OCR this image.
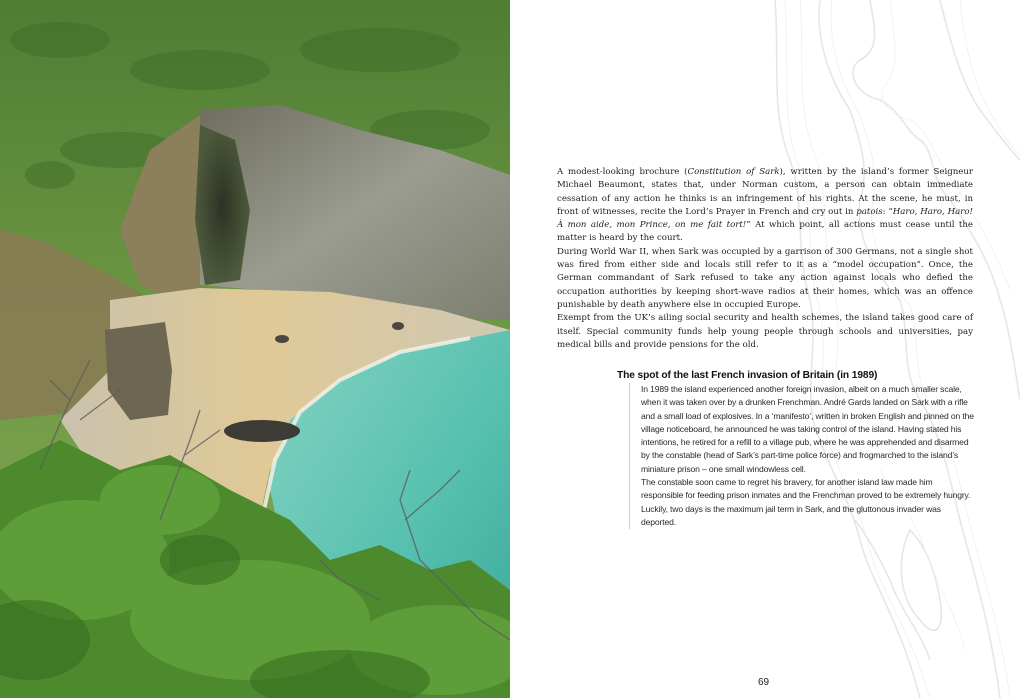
A modest-looking brochure (Constitution of Sark), written by the island’s former Seigneur Michael Beaumont, states that, under Norman custom, a person can obtain immediate cessation of any action he thinks is an infringement of his rights. At the scene, he must, in front of witnesses, recite the Lord’s Prayer in French and cry out in patois: “Haro, Haro, Haro! À mon aide, mon Prince, on me fait tort!” At which point, all actions must cease until the matter is heard by the court.

During World War II, when Sark was occupied by a garrison of 300 Germans, not a single shot was fired from either side and locals still refer to it as a “model occupation”. Once, the German commandant of Sark refused to take any action against locals who defied the occupation authorities by keeping short-wave radios at their homes, which was an offence punishable by death anywhere else in occupied Europe.

Exempt from the UK’s ailing social security and health schemes, the island takes good care of itself. Special community funds help young people through schools and universities, pay medical bills and provide pensions for the old.

The spot of the last French invasion of Britain (in 1989)

In 1989 the island experienced another foreign invasion, albeit on a much smaller scale, when it was taken over by a drunken Frenchman. André Gards landed on Sark with a rifle and a small load of explosives. In a ‘manifesto’, written in broken English and pinned on the village noticeboard, he announced he was taking control of the island. Having stated his intentions, he retired for a refill to a village pub, where he was apprehended and disarmed by the constable (head of Sark’s part-time police force) and frogmarched to the island’s miniature prison – one small windowless cell.

The constable soon came to regret his bravery, for another island law made him responsible for feeding prison inmates and the Frenchman proved to be extremely hungry. Luckily, two days is the maximum jail term in Sark, and the gluttonous invader was deported.

69
